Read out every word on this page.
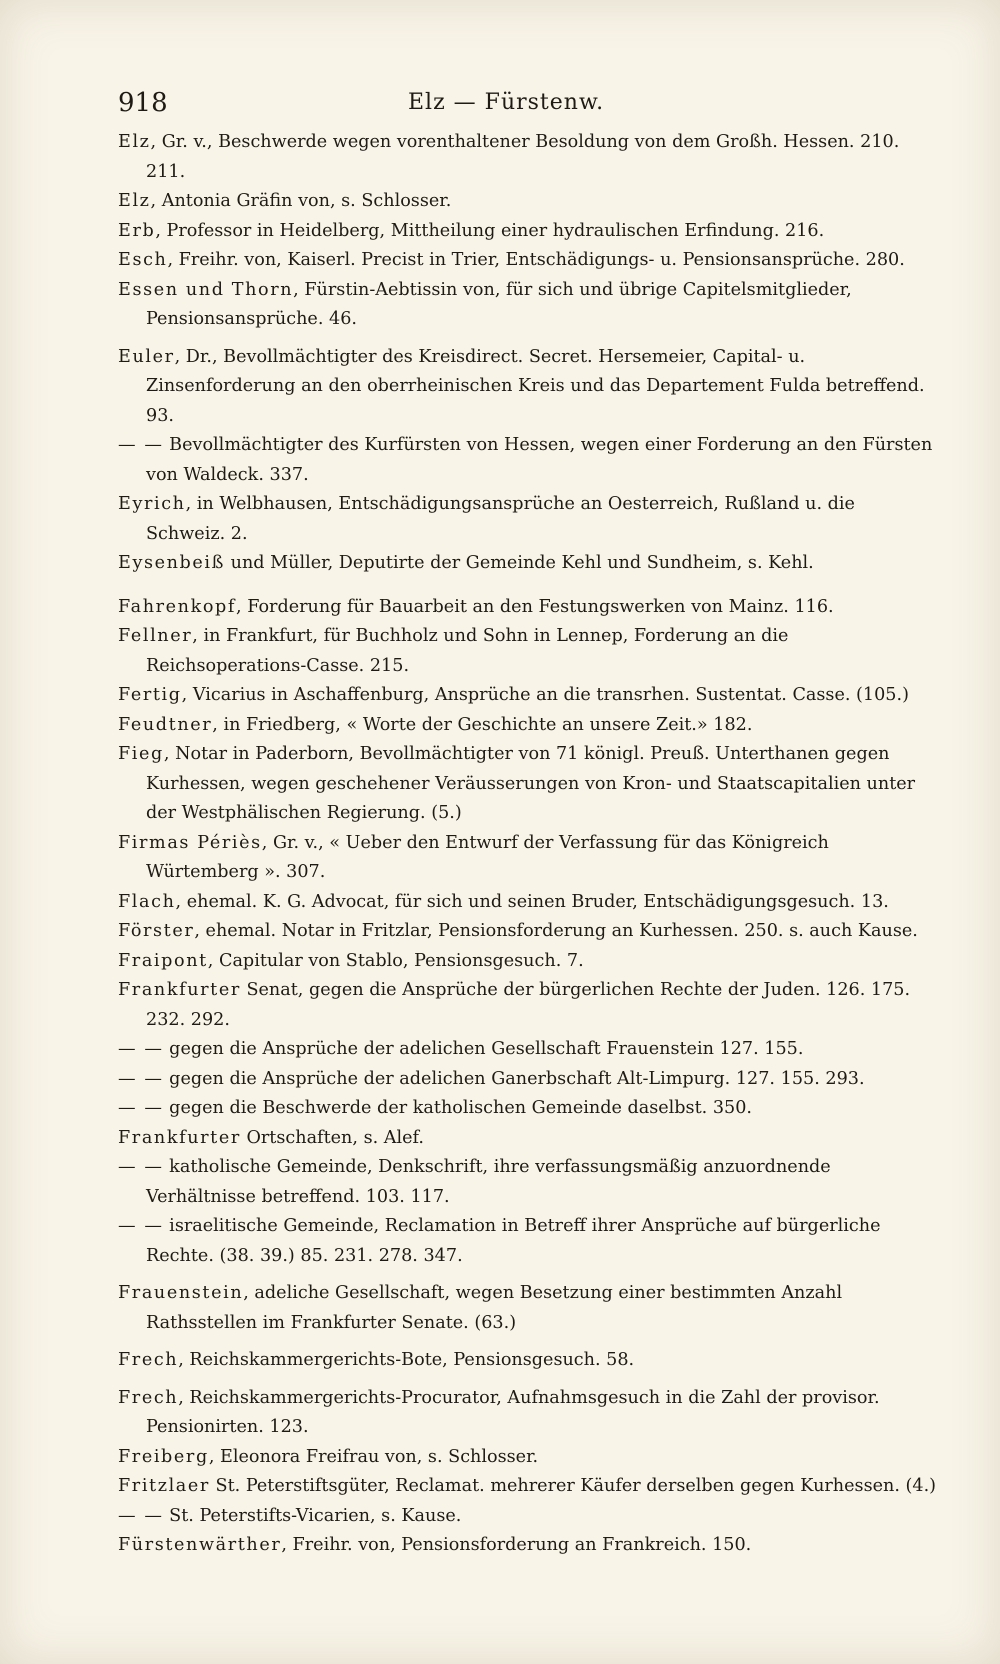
918	Elz — Fürstenw.

Elz, Gr. v., Beschwerde wegen vorenthaltener Besoldung von dem Großh. Hessen. 210. 211.

Elz, Antonia Gräfin von, s. Schlosser.

Erb, Professor in Heidelberg, Mittheilung einer hydraulischen Erfindung. 216.

Esch, Freihr. von, Kaiserl. Precist in Trier, Entschädigungs- u. Pensionsansprüche. 280.

Essen und Thorn, Fürstin-Aebtissin von, für sich und übrige Capitelsmitglieder, Pensionsansprüche. 46.

Euler, Dr., Bevollmächtigter des Kreisdirect. Secret. Hersemeier, Capital- u. Zinsenforderung an den oberrheinischen Kreis und das Departement Fulda betreffend. 93.

— — Bevollmächtigter des Kurfürsten von Hessen, wegen einer Forderung an den Fürsten von Waldeck. 337.

Eyrich, in Welbhausen, Entschädigungsansprüche an Oesterreich, Rußland u. die Schweiz. 2.

Eysenbeiß und Müller, Deputirte der Gemeinde Kehl und Sundheim, s. Kehl.

Fahrenkopf, Forderung für Bauarbeit an den Festungswerken von Mainz. 116.

Fellner, in Frankfurt, für Buchholz und Sohn in Lennep, Forderung an die Reichsoperations-Casse. 215.

Fertig, Vicarius in Aschaffenburg, Ansprüche an die transrhen. Sustentat. Casse. (105.)

Feudtner, in Friedberg, « Worte der Geschichte an unsere Zeit.» 182.

Fieg, Notar in Paderborn, Bevollmächtigter von 71 königl. Preuß. Unterthanen gegen Kurhessen, wegen geschehener Veräusserungen von Kron- und Staatscapitalien unter der Westphälischen Regierung. (5.)

Firmas Périès, Gr. v., « Ueber den Entwurf der Verfassung für das Königreich Würtemberg ». 307.

Flach, ehemal. K. G. Advocat, für sich und seinen Bruder, Entschädigungsgesuch. 13.

Förster, ehemal. Notar in Fritzlar, Pensionsforderung an Kurhessen. 250. s. auch Kause.

Fraipont, Capitular von Stablo, Pensionsgesuch. 7.

Frankfurter Senat, gegen die Ansprüche der bürgerlichen Rechte der Juden. 126. 175. 232. 292.

— — gegen die Ansprüche der adelichen Gesellschaft Frauenstein 127. 155.

— — gegen die Ansprüche der adelichen Ganerbschaft Alt-Limpurg. 127. 155. 293.

— — gegen die Beschwerde der katholischen Gemeinde daselbst. 350.

Frankfurter Ortschaften, s. Alef.

— — katholische Gemeinde, Denkschrift, ihre verfassungsmäßig anzuordnende Verhältnisse betreffend. 103. 117.

— — israelitische Gemeinde, Reclamation in Betreff ihrer Ansprüche auf bürgerliche Rechte. (38. 39.) 85. 231. 278. 347.

Frauenstein, adeliche Gesellschaft, wegen Besetzung einer bestimmten Anzahl Rathsstellen im Frankfurter Senate. (63.)

Frech, Reichskammergerichts-Bote, Pensionsgesuch. 58.

Frech, Reichskammergerichts-Procurator, Aufnahmsgesuch in die Zahl der provisor. Pensionirten. 123.

Freiberg, Eleonora Freifrau von, s. Schlosser.

Fritzlaer St. Peterstiftsgüter, Reclamat. mehrerer Käufer derselben gegen Kurhessen. (4.)

— — St. Peterstifts-Vicarien, s. Kause.

Fürstenwärther, Freihr. von, Pensionsforderung an Frankreich. 150.
